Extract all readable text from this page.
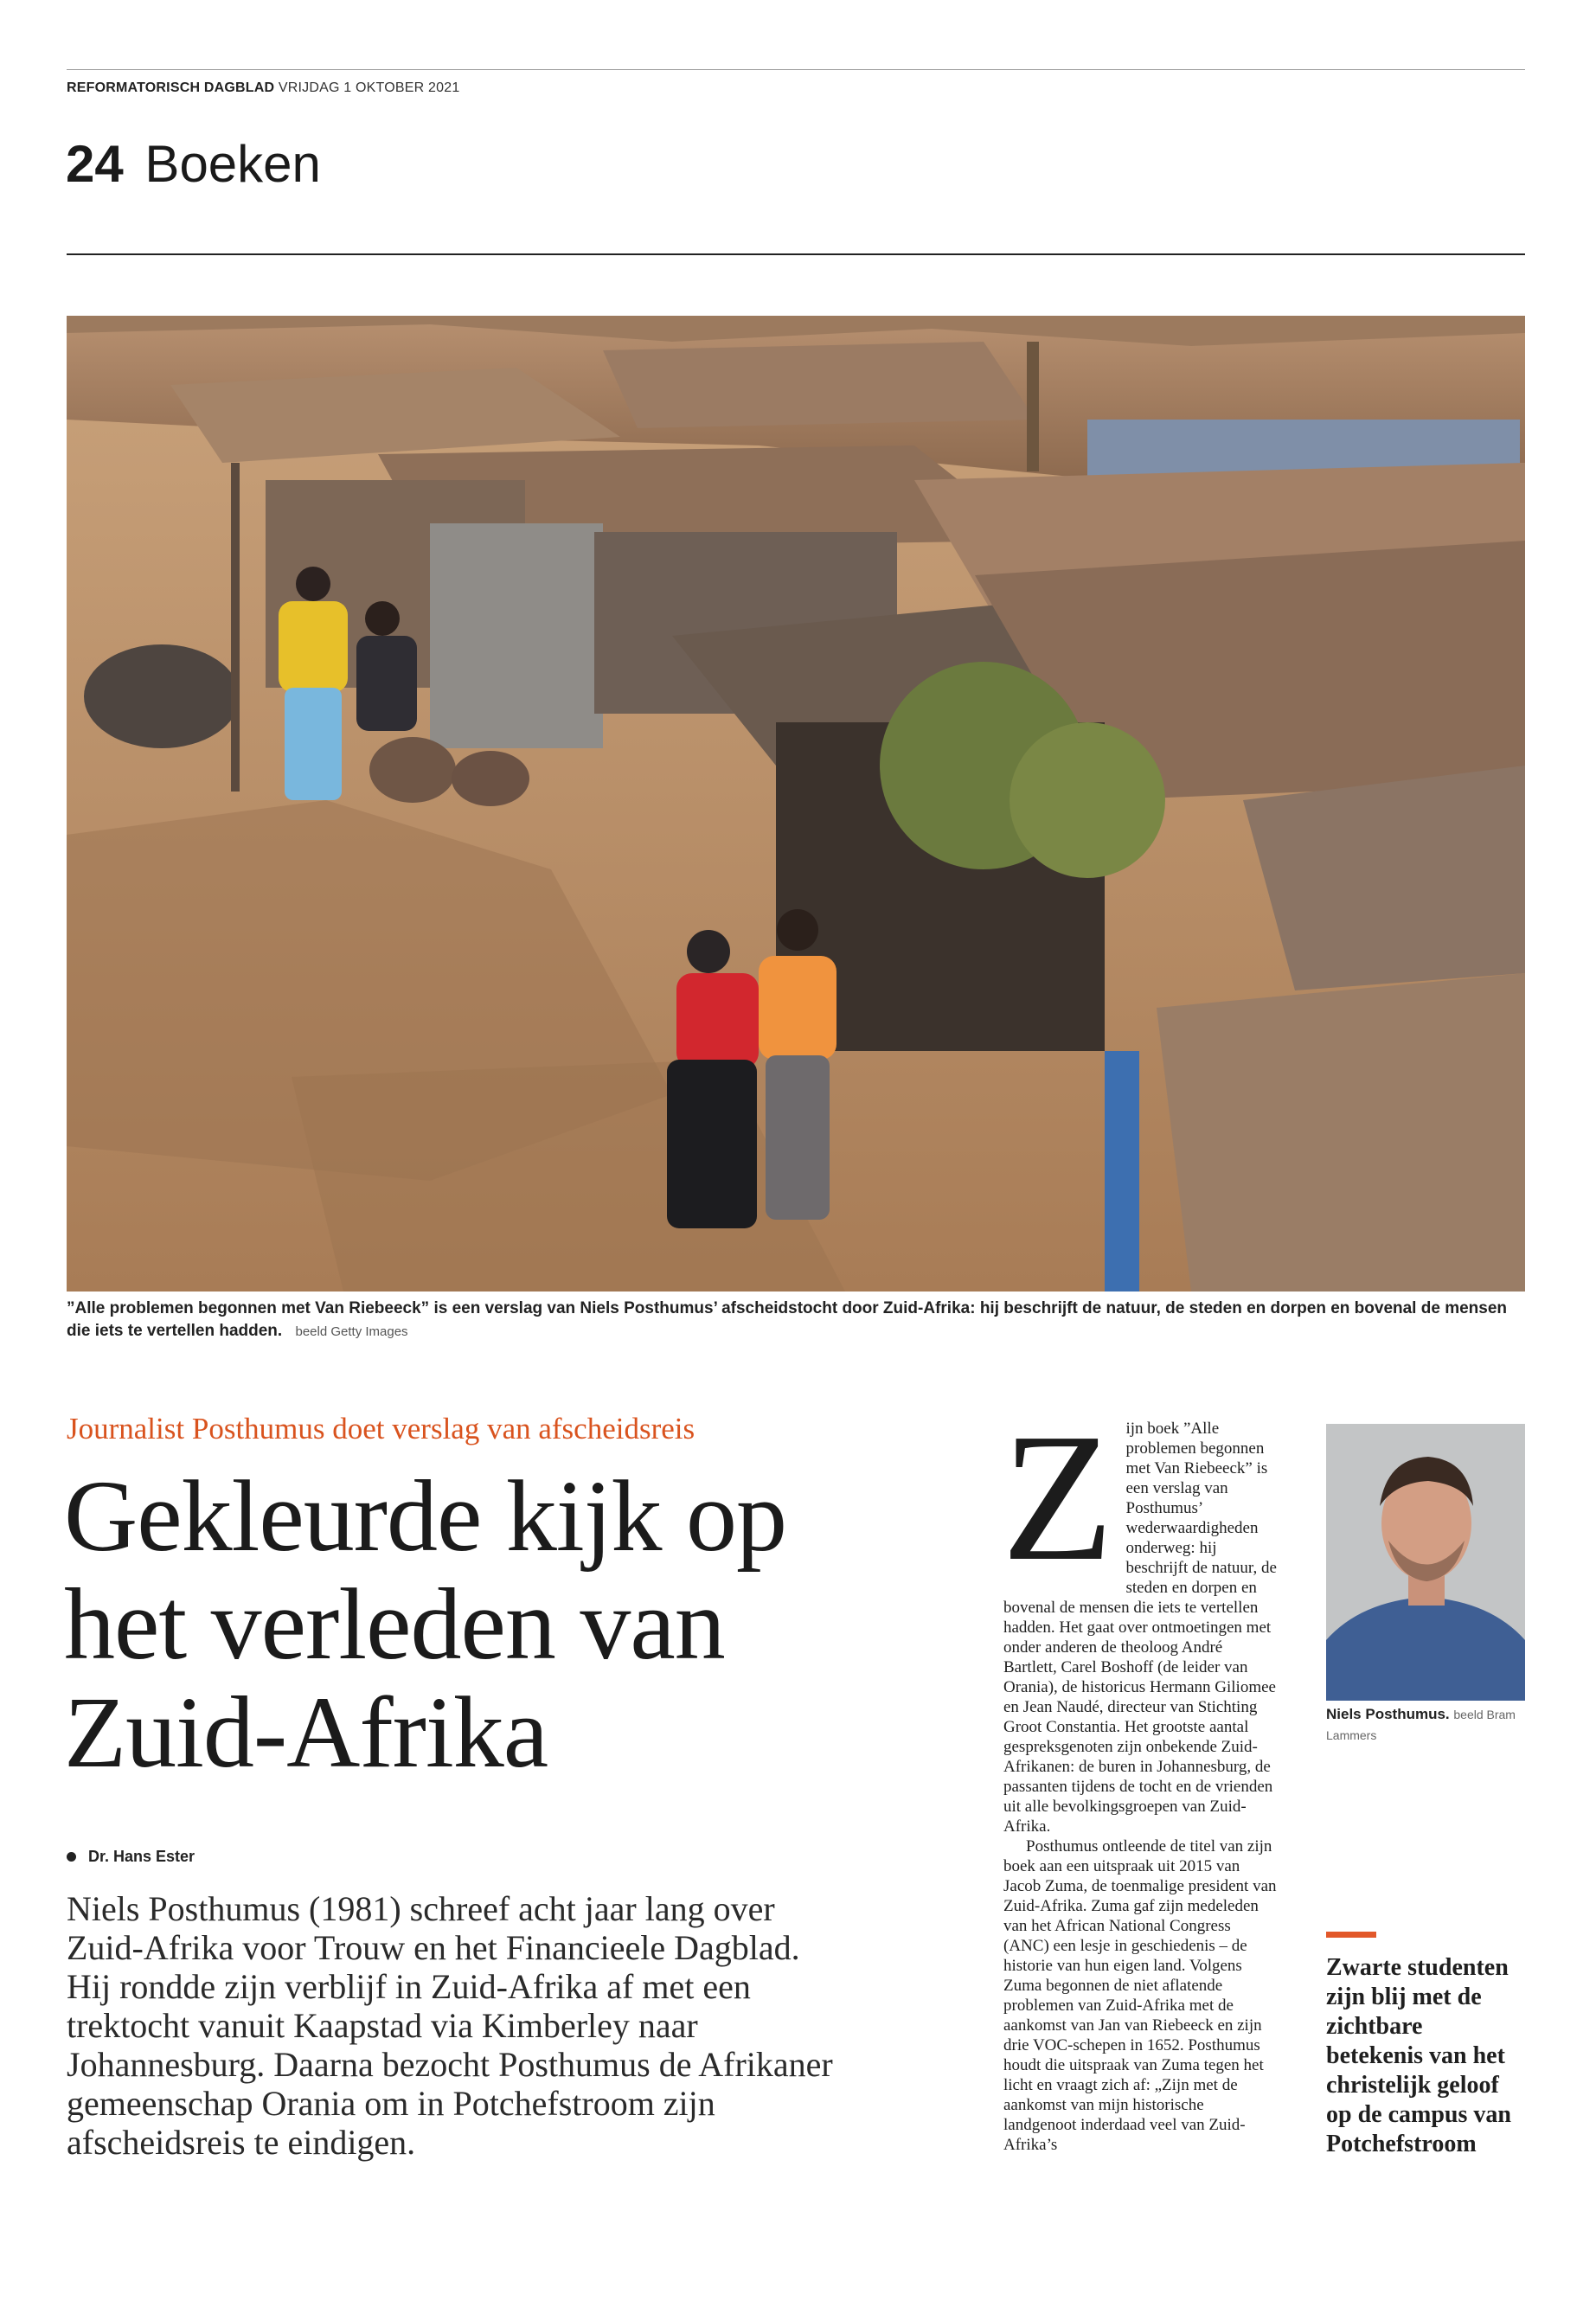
REFORMATORISCH DAGBLAD VRIJDAG 1 OKTOBER 2021
24 Boeken
”Alle problemen begonnen met Van Riebeeck” is een verslag van Niels Posthumus’ afscheidstocht door Zuid-Afrika: hij beschrijft de natuur, de steden en dorpen en bovenal de mensen die iets te vertellen hadden. beeld Getty Images
Journalist Posthumus doet verslag van afscheidsreis
Gekleurde kijk op het verleden van Zuid-Afrika
Dr. Hans Ester

Niels Posthumus (1981) schreef acht jaar lang over Zuid-Afrika voor Trouw en het Financieele Dagblad. Hij rondde zijn verblijf in Zuid-Afrika af met een trektocht vanuit Kaapstad via Kimberley naar Johannesburg. Daarna bezocht Posthumus de Afrikaner gemeenschap Orania om in Potchefstroom zijn afscheidsreis te eindigen.

Z ijn boek ”Alle problemen begonnen met Van Riebeeck” is een verslag van Posthumus’ wederwaardigheden onderweg: hij beschrijft de natuur, de steden en dorpen en bovenal de mensen die iets te vertellen hadden. Het gaat over ontmoetingen met onder anderen de theoloog André Bartlett, Carel Boshoff (de leider van Orania), de historicus Hermann Giliomee en Jean Naudé, directeur van Stichting Groot Constantia. Het grootste aantal gespreksgenoten zijn onbekende Zuid-Afrikanen: de buren in Johannesburg, de passanten tijdens de tocht en de vrienden uit alle bevolkingsgroepen van Zuid-Afrika.

Posthumus ontleende de titel van zijn boek aan een uitspraak uit 2015 van Jacob Zuma, de toenmalige president van Zuid-Afrika. Zuma gaf zijn medeleden van het African National Congress (ANC) een lesje in geschiedenis – de historie van hun eigen land. Volgens Zuma begonnen de niet aflatende problemen van Zuid-Afrika met de aankomst van Jan van Riebeeck en zijn drie VOC-schepen in 1652. Posthumus houdt die uitspraak van Zuma tegen het licht en vraagt zich af: „Zijn met de aankomst van mijn historische landgenoot inderdaad veel van Zuid-Afrika’s

Niels Posthumus. beeld Bram Lammers
Zwarte studenten zijn blij met de zichtbare betekenis van het christelijk geloof op de campus van Potchefstroom
